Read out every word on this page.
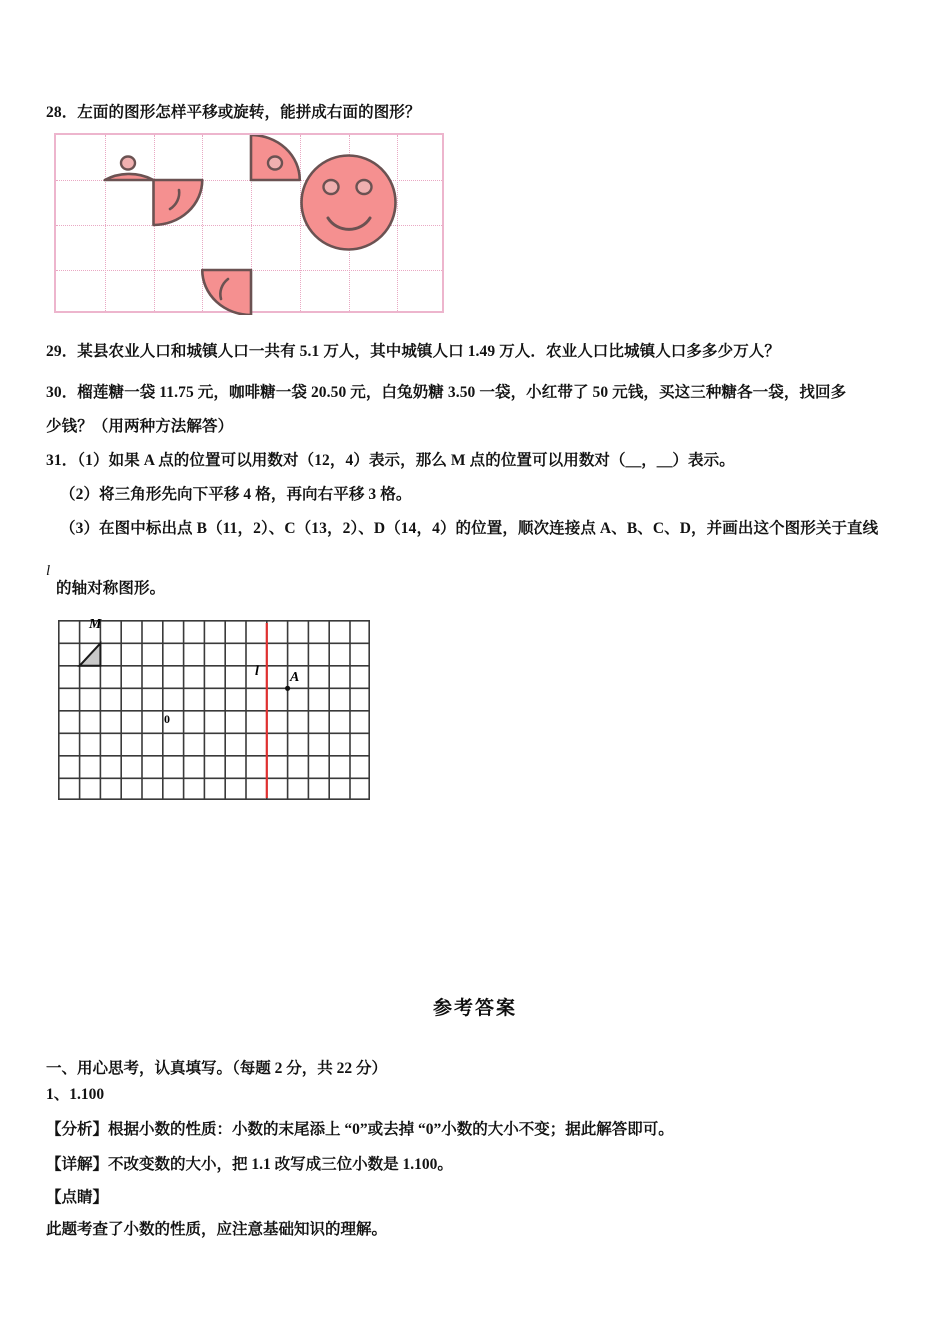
28．左面的图形怎样平移或旋转，能拼成右面的图形？
29．某县农业人口和城镇人口一共有 5.1 万人，其中城镇人口 1.49 万人．农业人口比城镇人口多多少万人？
30．榴莲糖一袋 11.75 元，咖啡糖一袋 20.50 元，白兔奶糖 3.50 一袋，小红带了 50 元钱，买这三种糖各一袋，找回多
少钱？（用两种方法解答）
31．（1）如果 A 点的位置可以用数对（12，4）表示，那么 M 点的位置可以用数对（＿，＿）表示。
（2）将三角形先向下平移 4 格，再向右平移 3 格。
（3）在图中标出点 B（11，2）、C（13，2）、D（14，4）的位置，顺次连接点 A、B、C、D，并画出这个图形关于直线
l
的轴对称图形。
M
l A
0
参考答案
一、用心思考，认真填写。（每题 2 分，共 22 分）
1、1.100
【分析】根据小数的性质：小数的末尾添上 “0”或去掉 “0”小数的大小不变；据此解答即可。
【详解】不改变数的大小，把 1.1 改写成三位小数是 1.100。
【点睛】
此题考查了小数的性质，应注意基础知识的理解。
